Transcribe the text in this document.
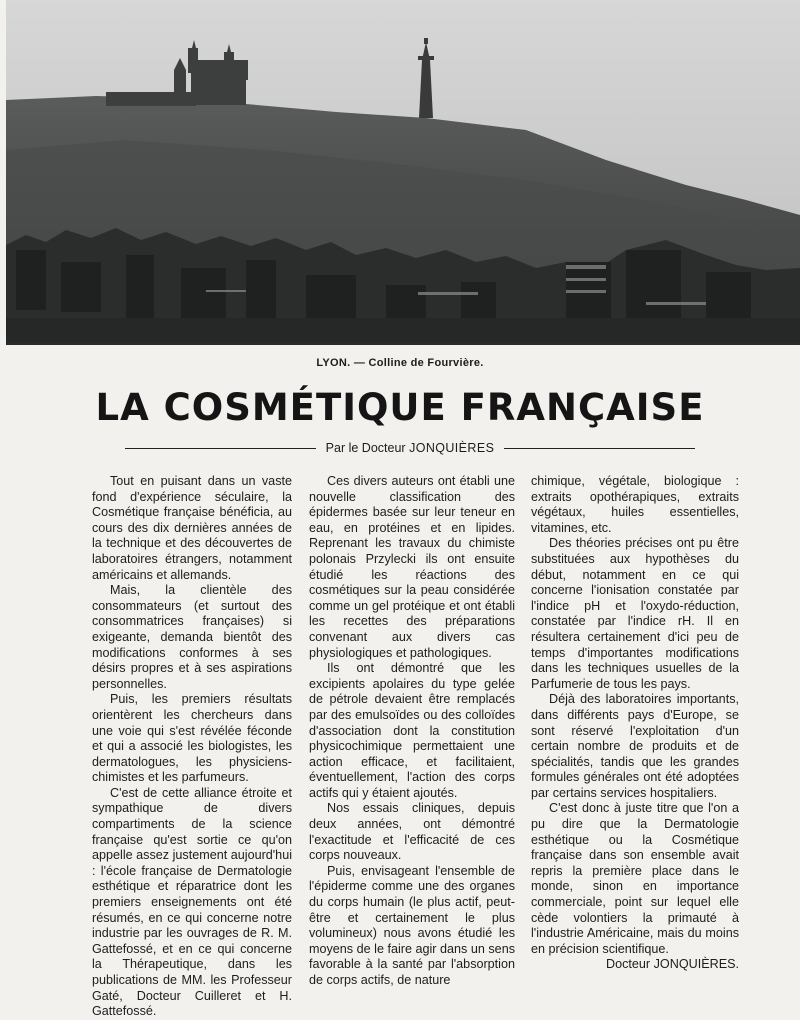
LYON. — Colline de Fourvière.
LA COSMÉTIQUE FRANÇAISE
Par le Docteur JONQUIÈRES

Tout en puisant dans un vaste fond d'expérience séculaire, la Cosmétique française bénéficia, au cours des dix dernières années de la technique et des découvertes de laboratoires étrangers, notamment américains et allemands.

Mais, la clientèle des consommateurs (et surtout des consommatrices françaises) si exigeante, demanda bientôt des modifications conformes à ses désirs propres et à ses aspirations personnelles.

Puis, les premiers résultats orientèrent les chercheurs dans une voie qui s'est révélée féconde et qui a associé les biologistes, les dermatologues, les physiciens-chimistes et les parfumeurs.

C'est de cette alliance étroite et sympathique de divers compartiments de la science française qu'est sortie ce qu'on appelle assez justement aujourd'hui : l'école française de Dermatologie esthétique et réparatrice dont les premiers enseignements ont été résumés, en ce qui concerne notre industrie par les ouvrages de R. M. Gattefossé, et en ce qui concerne la Thérapeutique, dans les publications de MM. les Professeur Gaté, Docteur Cuilleret et H. Gattefossé.

Ces divers auteurs ont établi une nouvelle classification des épidermes basée sur leur teneur en eau, en protéines et en lipides. Reprenant les travaux du chimiste polonais Przylecki ils ont ensuite étudié les réactions des cosmétiques sur la peau considérée comme un gel protéique et ont établi les recettes des préparations convenant aux divers cas physiologiques et pathologiques.

Ils ont démontré que les excipients apolaires du type gelée de pétrole devaient être remplacés par des emulsoïdes ou des colloïdes d'association dont la constitution physicochimique permettaient une action efficace, et facilitaient, éventuellement, l'action des corps actifs qui y étaient ajoutés.

Nos essais cliniques, depuis deux années, ont démontré l'exactitude et l'efficacité de ces corps nouveaux.

Puis, envisageant l'ensemble de l'épiderme comme une des organes du corps humain (le plus actif, peut-être et certainement le plus volumineux) nous avons étudié les moyens de le faire agir dans un sens favorable à la santé par l'absorption de corps actifs, de nature

chimique, végétale, biologique : extraits opothérapiques, extraits végétaux, huiles essentielles, vitamines, etc.

Des théories précises ont pu être substituées aux hypothèses du début, notamment en ce qui concerne l'ionisation constatée par l'indice pH et l'oxydo-réduction, constatée par l'indice rH. Il en résultera certainement d'ici peu de temps d'importantes modifications dans les techniques usuelles de la Parfumerie de tous les pays.

Déjà des laboratoires importants, dans différents pays d'Europe, se sont réservé l'exploitation d'un certain nombre de produits et de spécialités, tandis que les grandes formules générales ont été adoptées par certains services hospitaliers.

C'est donc à juste titre que l'on a pu dire que la Dermatologie esthétique ou la Cosmétique française dans son ensemble avait repris la première place dans le monde, sinon en importance commerciale, point sur lequel elle cède volontiers la primauté à l'industrie Américaine, mais du moins en précision scientifique.

Docteur JONQUIÈRES.
